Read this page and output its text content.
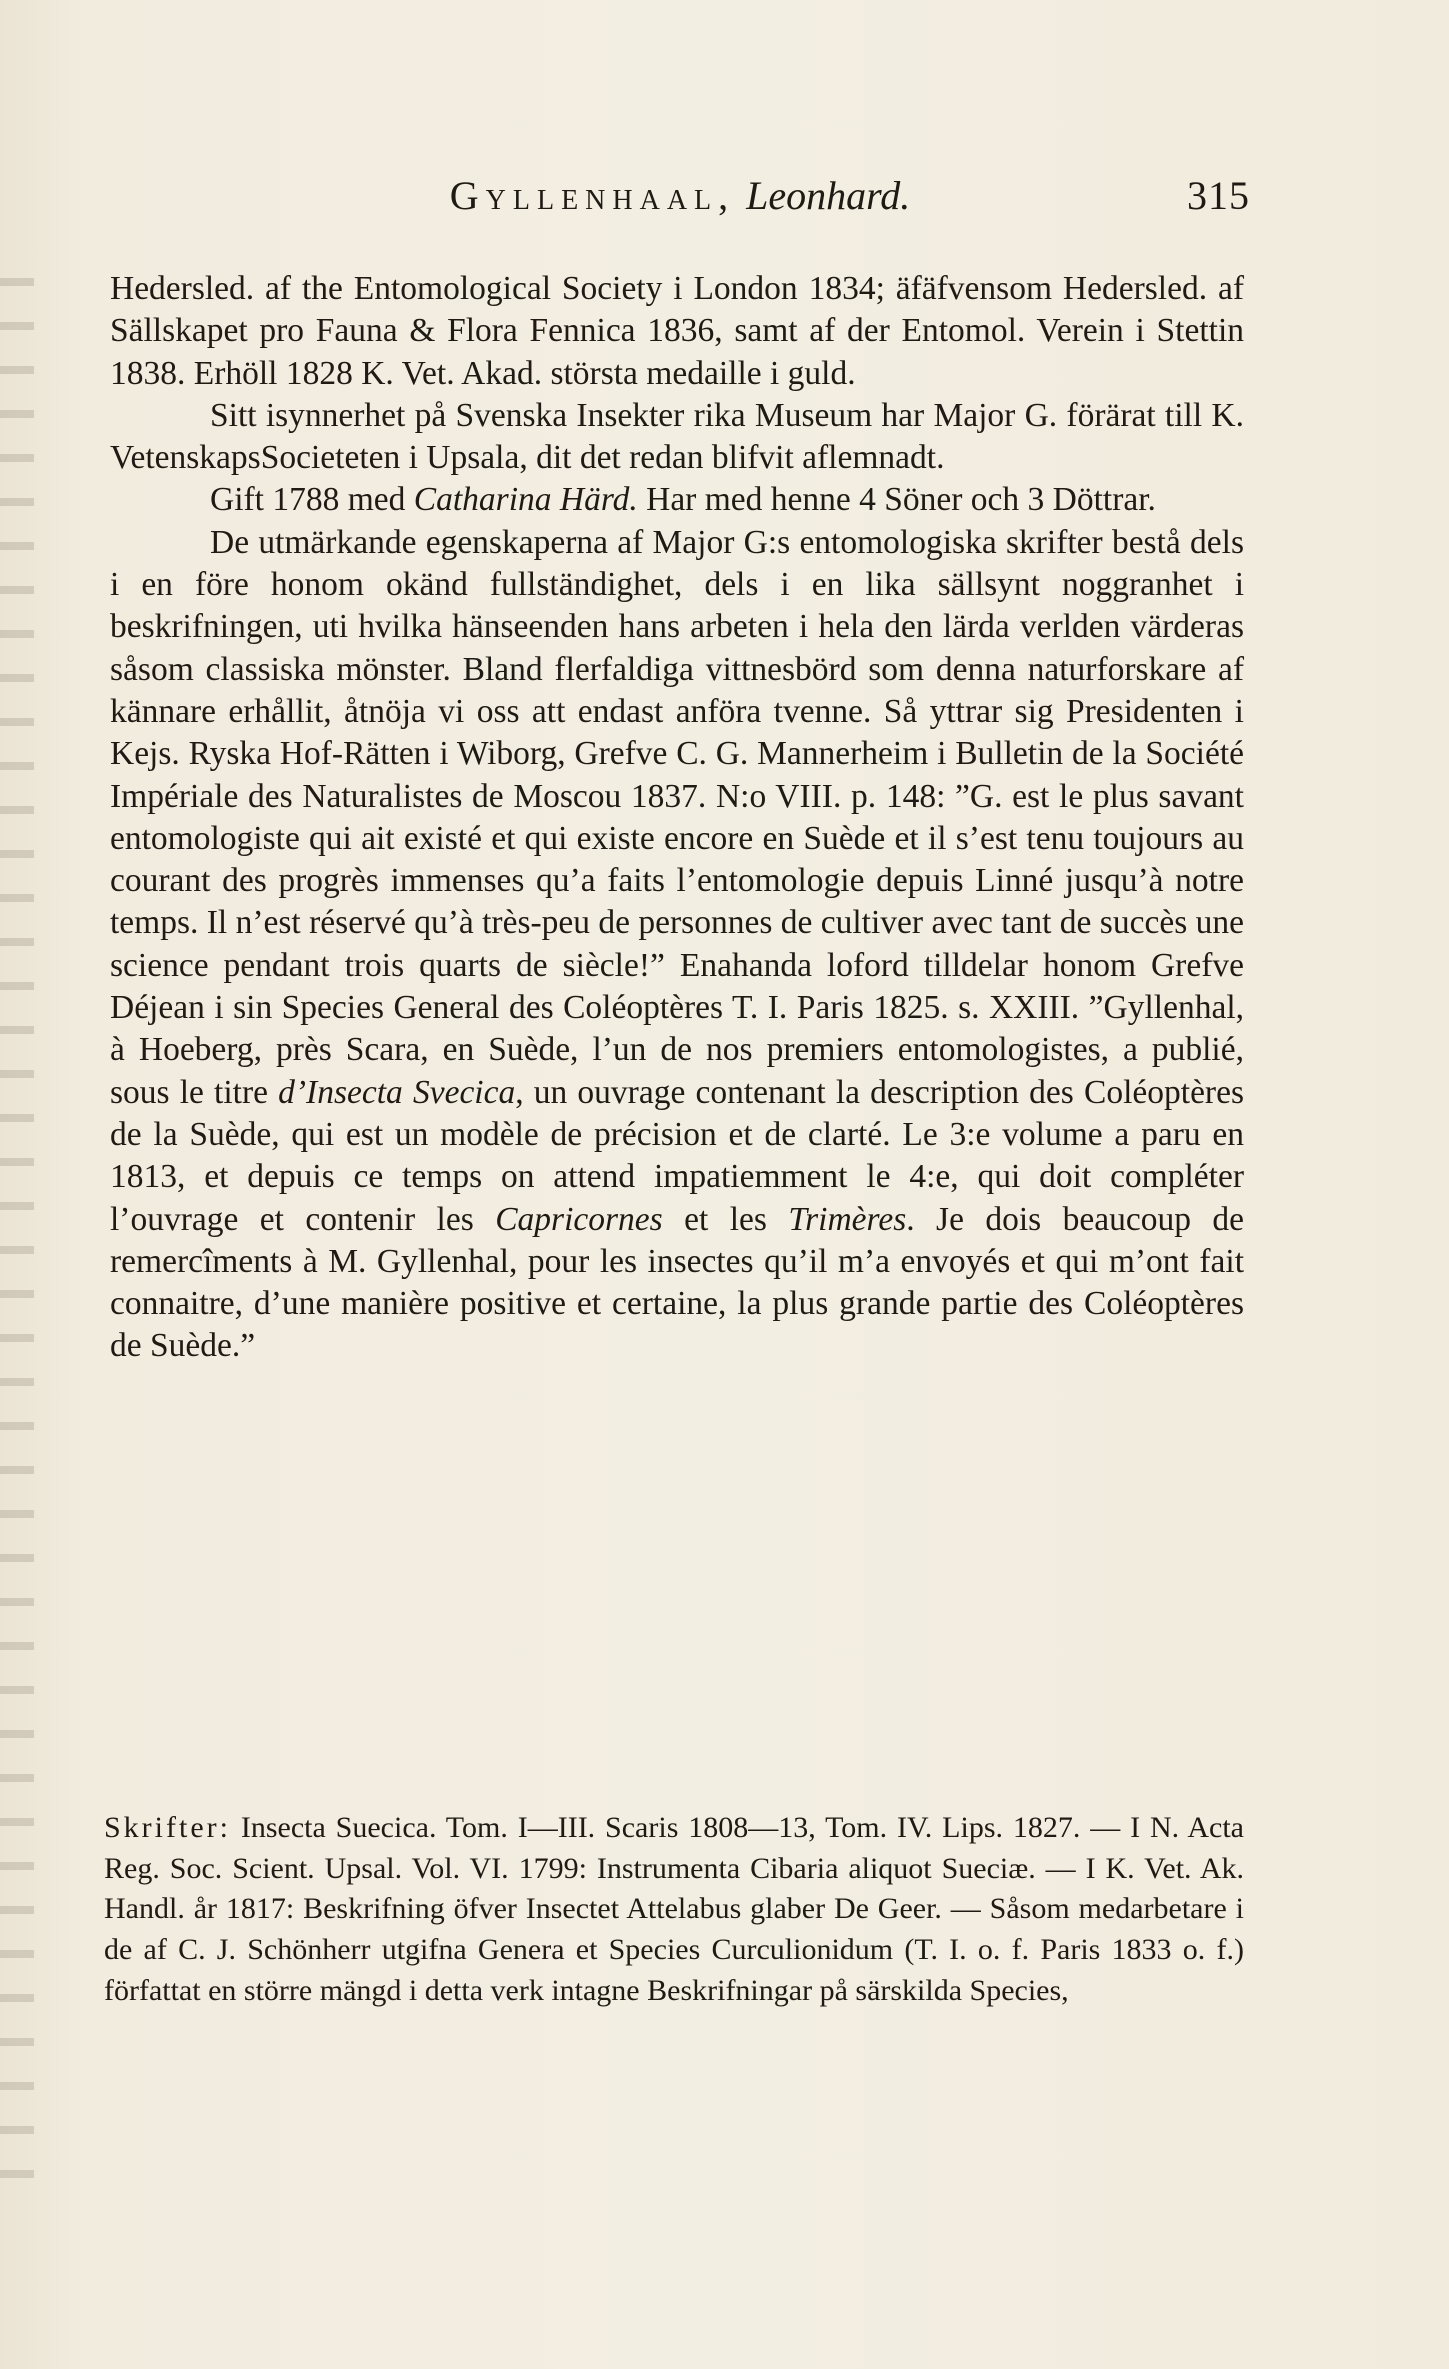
Gyllenhaal, Leonhard.	315

Hedersled. af the Entomological Society i London 1834; äfäfvensom Hedersled. af Sällskapet pro Fauna & Flora Fennica 1836, samt af der Entomol. Verein i Stettin 1838. Erhöll 1828 K. Vet. Akad. största medaille i guld.

Sitt isynnerhet på Svenska Insekter rika Museum har Major G. förärat till K. VetenskapsSocieteten i Upsala, dit det redan blifvit aflemnadt.

Gift 1788 med Catharina Härd. Har med henne 4 Söner och 3 Döttrar.

De utmärkande egenskaperna af Major G:s entomologiska skrifter bestå dels i en före honom okänd fullständighet, dels i en lika sällsynt noggranhet i beskrifningen, uti hvilka hänseenden hans arbeten i hela den lärda verlden värderas såsom classiska mönster. Bland flerfaldiga vittnesbörd som denna naturforskare af kännare erhållit, åtnöja vi oss att endast anföra tvenne. Så yttrar sig Presidenten i Kejs. Ryska Hof-Rätten i Wiborg, Grefve C. G. Mannerheim i Bulletin de la Société Impériale des Naturalistes de Moscou 1837. N:o VIII. p. 148: ”G. est le plus savant entomologiste qui ait existé et qui existe encore en Suède et il s’est tenu toujours au courant des progrès immenses qu’a faits l’entomologie depuis Linné jusqu’à notre temps. Il n’est réservé qu’à très-peu de personnes de cultiver avec tant de succès une science pendant trois quarts de siècle!” Enahanda loford tilldelar honom Grefve Déjean i sin Species General des Coléoptères T. I. Paris 1825. s. XXIII. ”Gyllenhal, à Hoeberg, près Scara, en Suède, l’un de nos premiers entomologistes, a publié, sous le titre d’Insecta Svecica, un ouvrage contenant la description des Coléoptères de la Suède, qui est un modèle de précision et de clarté. Le 3:e volume a paru en 1813, et depuis ce temps on attend impatiemment le 4:e, qui doit compléter l’ouvrage et contenir les Capricornes et les Trimères. Je dois beaucoup de remercîments à M. Gyllenhal, pour les insectes qu’il m’a envoyés et qui m’ont fait connaitre, d’une manière positive et certaine, la plus grande partie des Coléoptères de Suède.”

Skrifter: Insecta Suecica. Tom. I—III. Scaris 1808—13, Tom. IV. Lips. 1827. — I N. Acta Reg. Soc. Scient. Upsal. Vol. VI. 1799: Instrumenta Cibaria aliquot Sueciæ. — I K. Vet. Ak. Handl. år 1817: Beskrifning öfver Insectet Attelabus glaber De Geer. — Såsom medarbetare i de af C. J. Schönherr utgifna Genera et Species Curculionidum (T. I. o. f. Paris 1833 o. f.) författat en större mängd i detta verk intagne Beskrifningar på särskilda Species,
